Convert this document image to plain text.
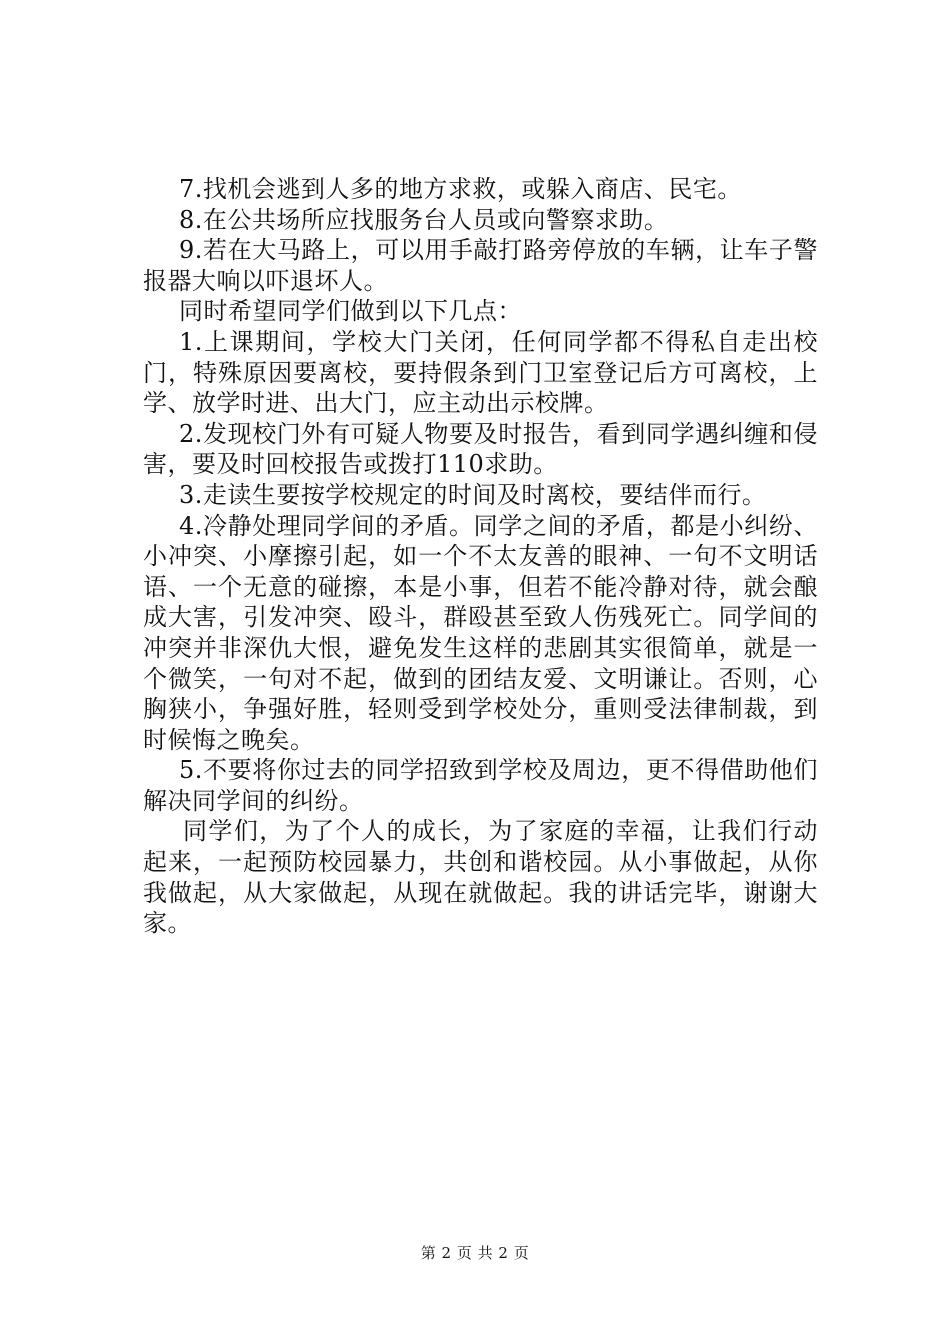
7.找机会逃到人多的地方求救，或躲入商店、民宅。

8.在公共场所应找服务台人员或向警察求助。

9.若在大马路上，可以用手敲打路旁停放的车辆，让车子警报器大响以吓退坏人。

同时希望同学们做到以下几点：

1.上课期间，学校大门关闭，任何同学都不得私自走出校门，特殊原因要离校，要持假条到门卫室登记后方可离校，上学、放学时进、出大门，应主动出示校牌。

2.发现校门外有可疑人物要及时报告，看到同学遇纠缠和侵害，要及时回校报告或拨打110求助。

3.走读生要按学校规定的时间及时离校，要结伴而行。

4.冷静处理同学间的矛盾。同学之间的矛盾，都是小纠纷、小冲突、小摩擦引起，如一个不太友善的眼神、一句不文明话语、一个无意的碰擦，本是小事，但若不能冷静对待，就会酿成大害，引发冲突、殴斗，群殴甚至致人伤残死亡。同学间的冲突并非深仇大恨，避免发生这样的悲剧其实很简单，就是一个微笑，一句对不起，做到的团结友爱、文明谦让。否则，心胸狭小，争强好胜，轻则受到学校处分，重则受法律制裁，到时候悔之晚矣。

5.不要将你过去的同学招致到学校及周边，更不得借助他们解决同学间的纠纷。

同学们，为了个人的成长，为了家庭的幸福，让我们行动起来，一起预防校园暴力，共创和谐校园。从小事做起，从你我做起，从大家做起，从现在就做起。我的讲话完毕，谢谢大家。

第 2 页 共 2 页
